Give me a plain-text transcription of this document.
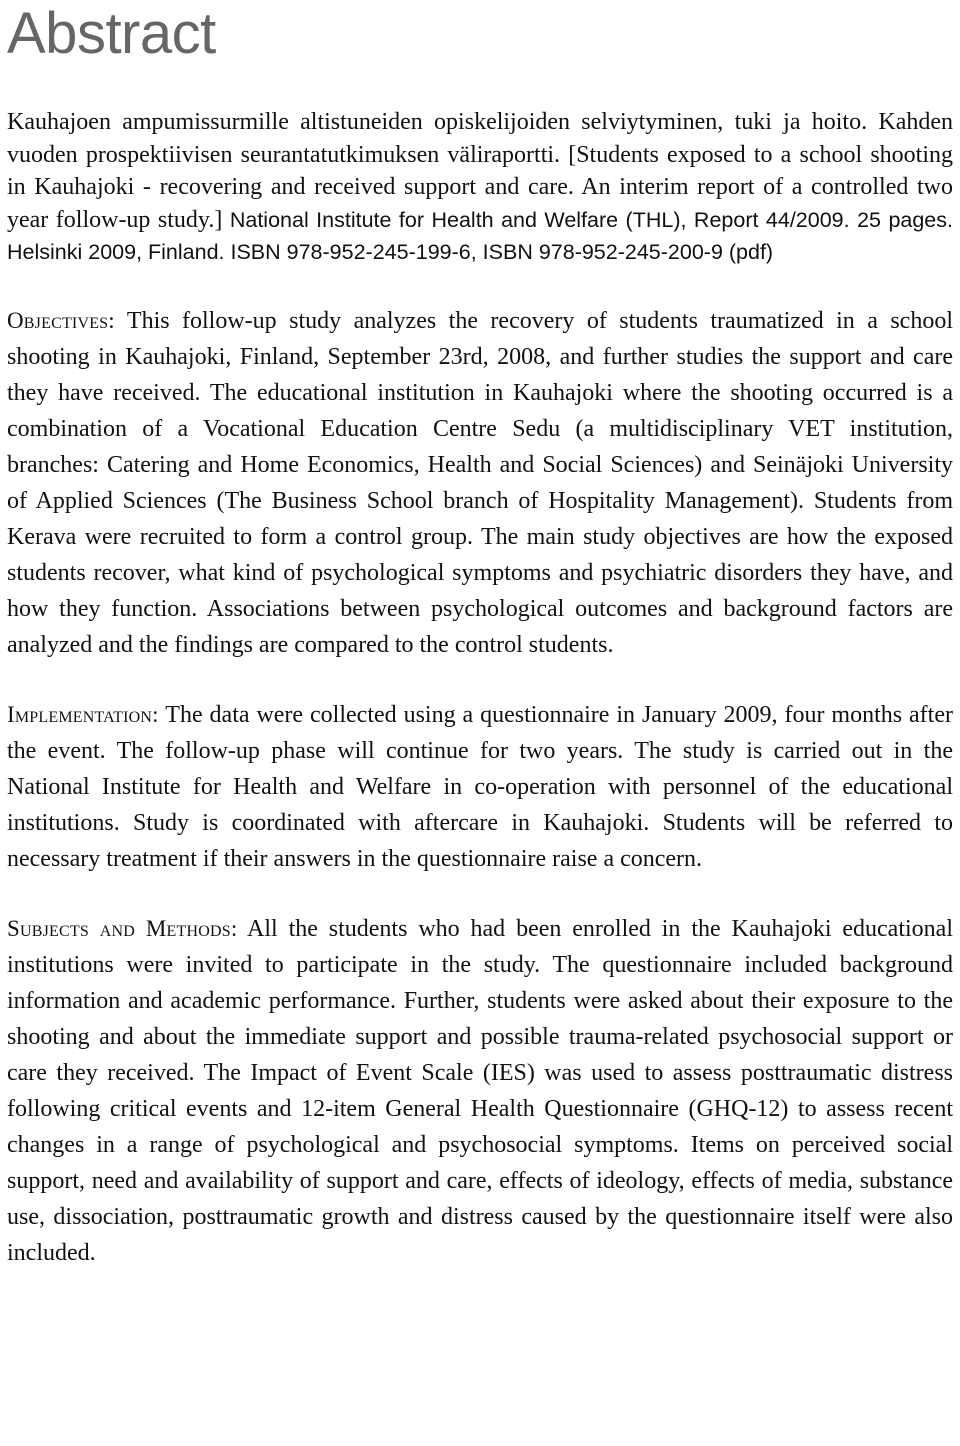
Abstract

Kauhajoen ampumissurmille altistuneiden opiskelijoiden selviytyminen, tuki ja hoito. Kahden vuoden prospektiivisen seurantatutkimuksen väliraportti. [Students exposed to a school shooting in Kauhajoki - recovering and received support and care. An interim report of a controlled two year follow-up study.] National Institute for Health and Welfare (THL), Report 44/2009. 25 pages. Helsinki 2009, Finland. ISBN 978-952-245-199-6, ISBN 978-952-245-200-9 (pdf)

Objectives: This follow-up study analyzes the recovery of students traumatized in a school shooting in Kauhajoki, Finland, September 23rd, 2008, and further studies the support and care they have received. The educational institution in Kauhajoki where the shooting occurred is a combination of a Vocational Education Centre Sedu (a multidisciplinary VET institution, branches: Catering and Home Economics, Health and Social Sciences) and Seinäjoki University of Applied Sciences (The Business School branch of Hospitality Management). Students from Kerava were recruited to form a control group. The main study objectives are how the exposed students recover, what kind of psychological symptoms and psychiatric disorders they have, and how they function. Associations between psychological outcomes and background factors are analyzed and the findings are compared to the control students.

Implementation: The data were collected using a questionnaire in January 2009, four months after the event. The follow-up phase will continue for two years. The study is carried out in the National Institute for Health and Welfare in co-operation with personnel of the educational institutions. Study is coordinated with aftercare in Kauhajoki. Students will be referred to necessary treatment if their answers in the questionnaire raise a concern.

Subjects and Methods: All the students who had been enrolled in the Kauhajoki educational institutions were invited to participate in the study. The questionnaire included background information and academic performance. Further, students were asked about their exposure to the shooting and about the immediate support and possible trauma-related psychosocial support or care they received. The Impact of Event Scale (IES) was used to assess posttraumatic distress following critical events and 12-item General Health Questionnaire (GHQ-12) to assess recent changes in a range of psychological and psychosocial symptoms. Items on perceived social support, need and availability of support and care, effects of ideology, effects of media, substance use, dissociation, posttraumatic growth and distress caused by the questionnaire itself were also included.
